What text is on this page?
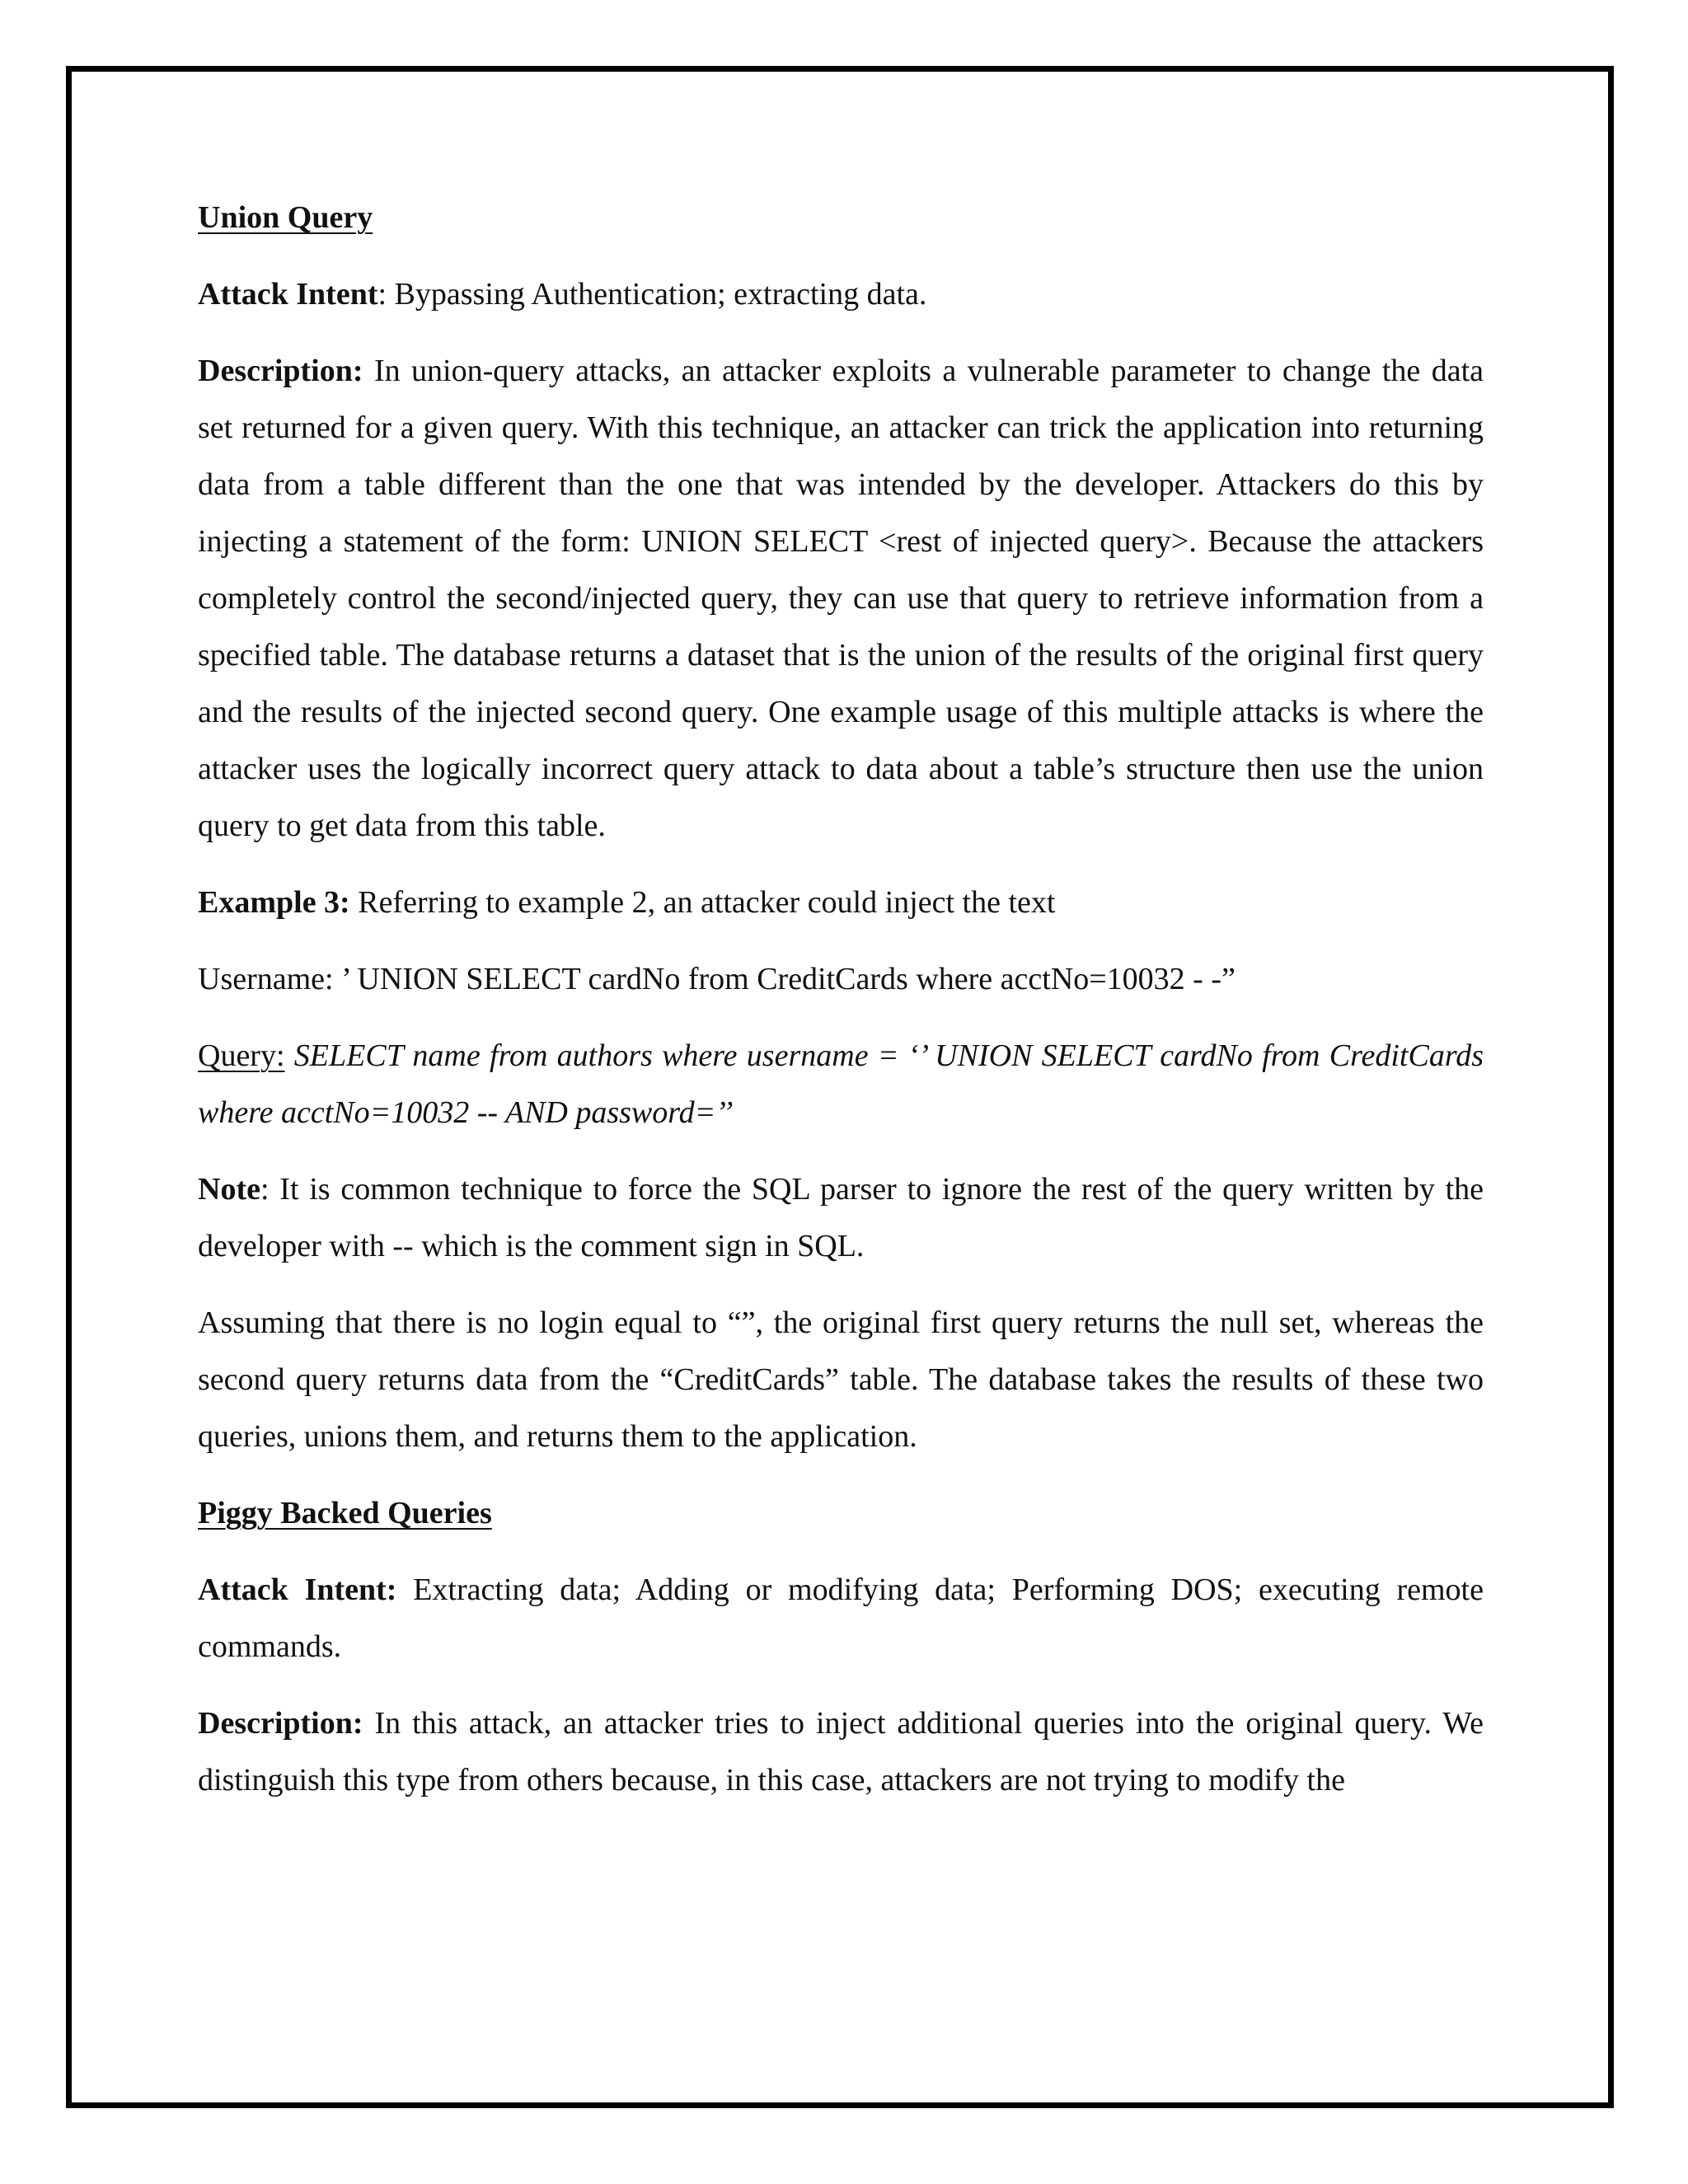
Union Query

Attack Intent: Bypassing Authentication; extracting data.

Description: In union-query attacks, an attacker exploits a vulnerable parameter to change the data set returned for a given query. With this technique, an attacker can trick the application into returning data from a table different than the one that was intended by the developer. Attackers do this by injecting a statement of the form: UNION SELECT <rest of injected query>. Because the attackers completely control the second/injected query, they can use that query to retrieve information from a specified table. The database returns a dataset that is the union of the results of the original first query and the results of the injected second query. One example usage of this multiple attacks is where the attacker uses the logically incorrect query attack to data about a table’s structure then use the union query to get data from this table.

Example 3: Referring to example 2, an attacker could inject the text

Username: ’ UNION SELECT cardNo from CreditCards where acctNo=10032 - -”

Query: SELECT name from authors where username = ‘’ UNION SELECT cardNo from CreditCards where acctNo=10032 -- AND password=’’

Note: It is common technique to force the SQL parser to ignore the rest of the query written by the developer with -- which is the comment sign in SQL.

Assuming that there is no login equal to “”, the original first query returns the null set, whereas the second query returns data from the “CreditCards” table. The database takes the results of these two queries, unions them, and returns them to the application.

Piggy Backed Queries

Attack Intent: Extracting data; Adding or modifying data; Performing DOS; executing remote commands.

Description: In this attack, an attacker tries to inject additional queries into the original query. We distinguish this type from others because, in this case, attackers are not trying to modify the
